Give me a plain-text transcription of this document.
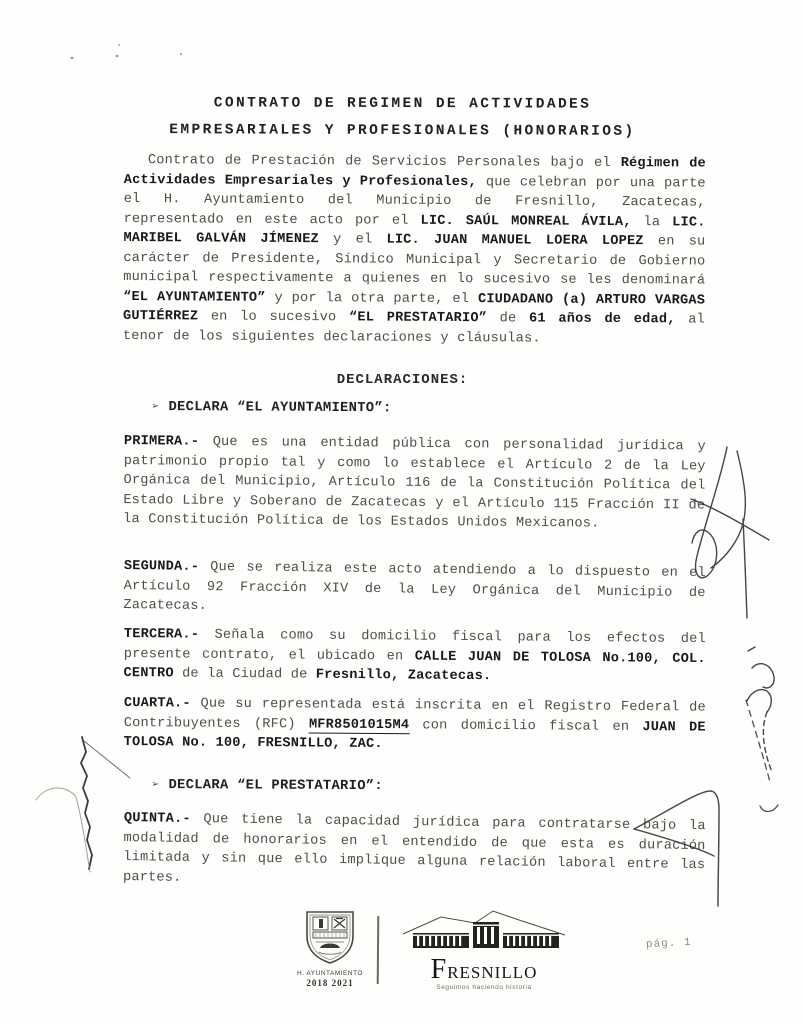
CONTRATO DE REGIMEN DE ACTIVIDADES
EMPRESARIALES Y PROFESIONALES (HONORARIOS)
Contrato de Prestación de Servicios Personales bajo el Régimen de Actividades Empresariales y Profesionales, que celebran por una parte el H. Ayuntamiento del Municipio de Fresnillo, Zacatecas, representado en este acto por el LIC. SAÚL MONREAL ÁVILA, la LIC. MARIBEL GALVÁN JÍMENEZ y el LIC. JUAN MANUEL LOERA LOPEZ en su carácter de Presidente, Síndico Municipal y Secretario de Gobierno municipal respectivamente a quienes en lo sucesivo se les denominará “EL AYUNTAMIENTO” y por la otra parte, el CIUDADANO (a) ARTURO VARGAS GUTIÉRREZ en lo sucesivo “EL PRESTATARIO” de 61 años de edad, al tenor de los siguientes declaraciones y cláusulas.
DECLARACIONES:
➢ DECLARA “EL AYUNTAMIENTO”:
PRIMERA.- Que es una entidad pública con personalidad jurídica y patrimonio propio tal y como lo establece el Artículo 2 de la Ley Orgánica del Municipio, Artículo 116 de la Constitución Política del Estado Libre y Soberano de Zacatecas y el Artículo 115 Fracción II de la Constitución Política de los Estados Unidos Mexicanos.
SEGUNDA.- Que se realiza este acto atendiendo a lo dispuesto en el Artículo 92 Fracción XIV de la Ley Orgánica del Municipio de Zacatecas.
TERCERA.- Señala como su domicilio fiscal para los efectos del presente contrato, el ubicado en CALLE JUAN DE TOLOSA No.100, COL. CENTRO de la Ciudad de Fresnillo, Zacatecas.
CUARTA.- Que su representada está inscrita en el Registro Federal de Contribuyentes (RFC) MFR8501015M4 con domicilio fiscal en JUAN DE TOLOSA No. 100, FRESNILLO, ZAC.
➢ DECLARA “EL PRESTATARIO”:
QUINTA.- Que tiene la capacidad jurídica para contratarse bajo la modalidad de honorarios en el entendido de que esta es duración limitada y sin que ello implique alguna relación laboral entre las partes.
H. AYUNTAMIENTO
2018 2021	Fresnillo
Seguimos haciendo historia
pág. 1
